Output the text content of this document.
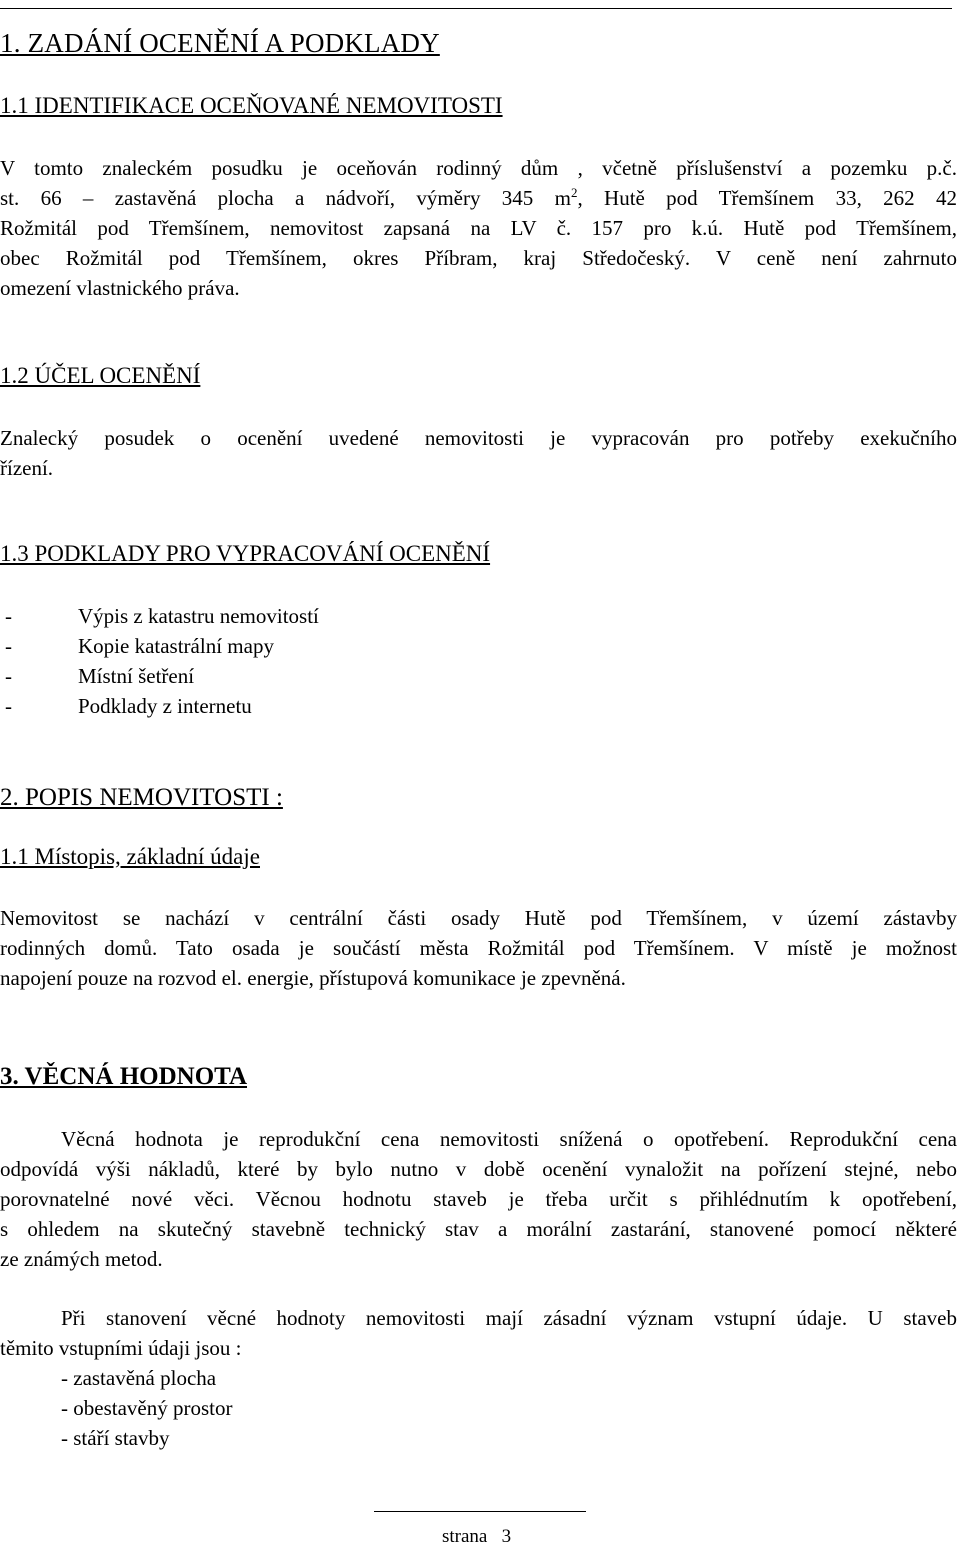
1. ZADÁNÍ OCENĚNÍ A PODKLADY
1.1 IDENTIFIKACE OCEŇOVANÉ NEMOVITOSTI
V tomto znaleckém posudku je oceňován rodinný dům , včetně příslušenství a pozemku p.č.
st. 66 – zastavěná plocha a nádvoří, výměry 345 $m^2$, Hutě pod Třemšínem 33, 262 42
Rožmitál pod Třemšínem, nemovitost zapsaná na LV č. 157 pro k.ú. Hutě pod Třemšínem,
obec Rožmitál pod Třemšínem, okres Příbram, kraj Středočeský. V ceně není zahrnuto
omezení vlastnického práva.
1.2 ÚČEL OCENĚNÍ
Znalecký posudek o ocenění uvedené nemovitosti je vypracován pro potřeby exekučního
řízení.
1.3 PODKLADY PRO VYPRACOVÁNÍ OCENĚNÍ
-	Výpis z katastru nemovitostí
-	Kopie katastrální mapy
-	Místní šetření
-	Podklady z internetu
2. POPIS NEMOVITOSTI :
1.1 Místopis, základní údaje
Nemovitost se nachází v centrální části osady Hutě pod Třemšínem, v území zástavby
rodinných domů. Tato osada je součástí města Rožmitál pod Třemšínem. V místě je možnost
napojení pouze na rozvod el. energie, přístupová komunikace je zpevněná.
3. VĚCNÁ HODNOTA
Věcná hodnota je reprodukční cena nemovitosti snížená o opotřebení. Reprodukční cena
odpovídá výši nákladů, které by bylo nutno v době ocenění vynaložit na pořízení stejné, nebo
porovnatelné nové věci. Věcnou hodnotu staveb je třeba určit s přihlédnutím k opotřebení,
s ohledem na skutečný stavebně technický stav a morální zastarání, stanovené pomocí některé
ze známých metod.
Při stanovení věcné hodnoty nemovitosti mají zásadní význam vstupní údaje. U staveb
těmito vstupními údaji jsou :
- zastavěná plocha
- obestavěný prostor
- stáří stavby
strana   3
